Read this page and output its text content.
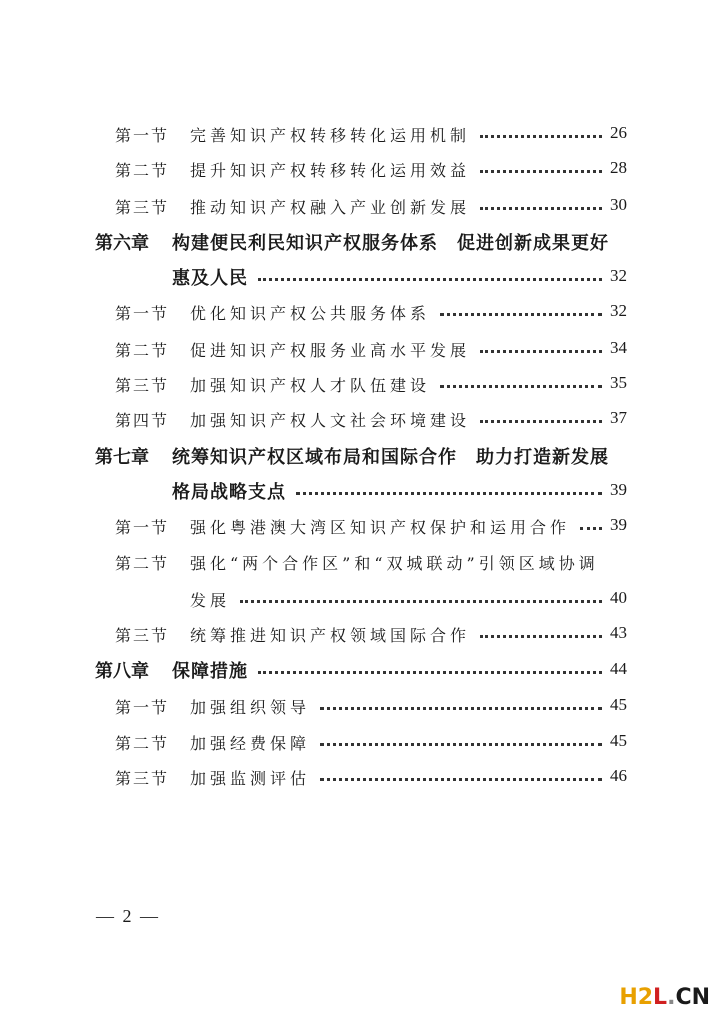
第一节 完善知识产权转移转化运用机制	26
第二节 提升知识产权转移转化运用效益	28
第三节 推动知识产权融入产业创新发展	30
第六章 构建便民利民知识产权服务体系　促进创新成果更好
惠及人民	32
第一节 优化知识产权公共服务体系	32
第二节 促进知识产权服务业高水平发展	34
第三节 加强知识产权人才队伍建设	35
第四节 加强知识产权人文社会环境建设	37
第七章 统筹知识产权区域布局和国际合作　助力打造新发展
格局战略支点	39
第一节 强化粤港澳大湾区知识产权保护和运用合作 39
第二节 强化“两个合作区”和“双城联动”引领区域协调
发展	40
第三节 统筹推进知识产权领域国际合作	43
第八章 保障措施	44
第一节 加强组织领导	45
第二节 加强经费保障	45
第三节 加强监测评估	46
— 2 —
H2L.CN
